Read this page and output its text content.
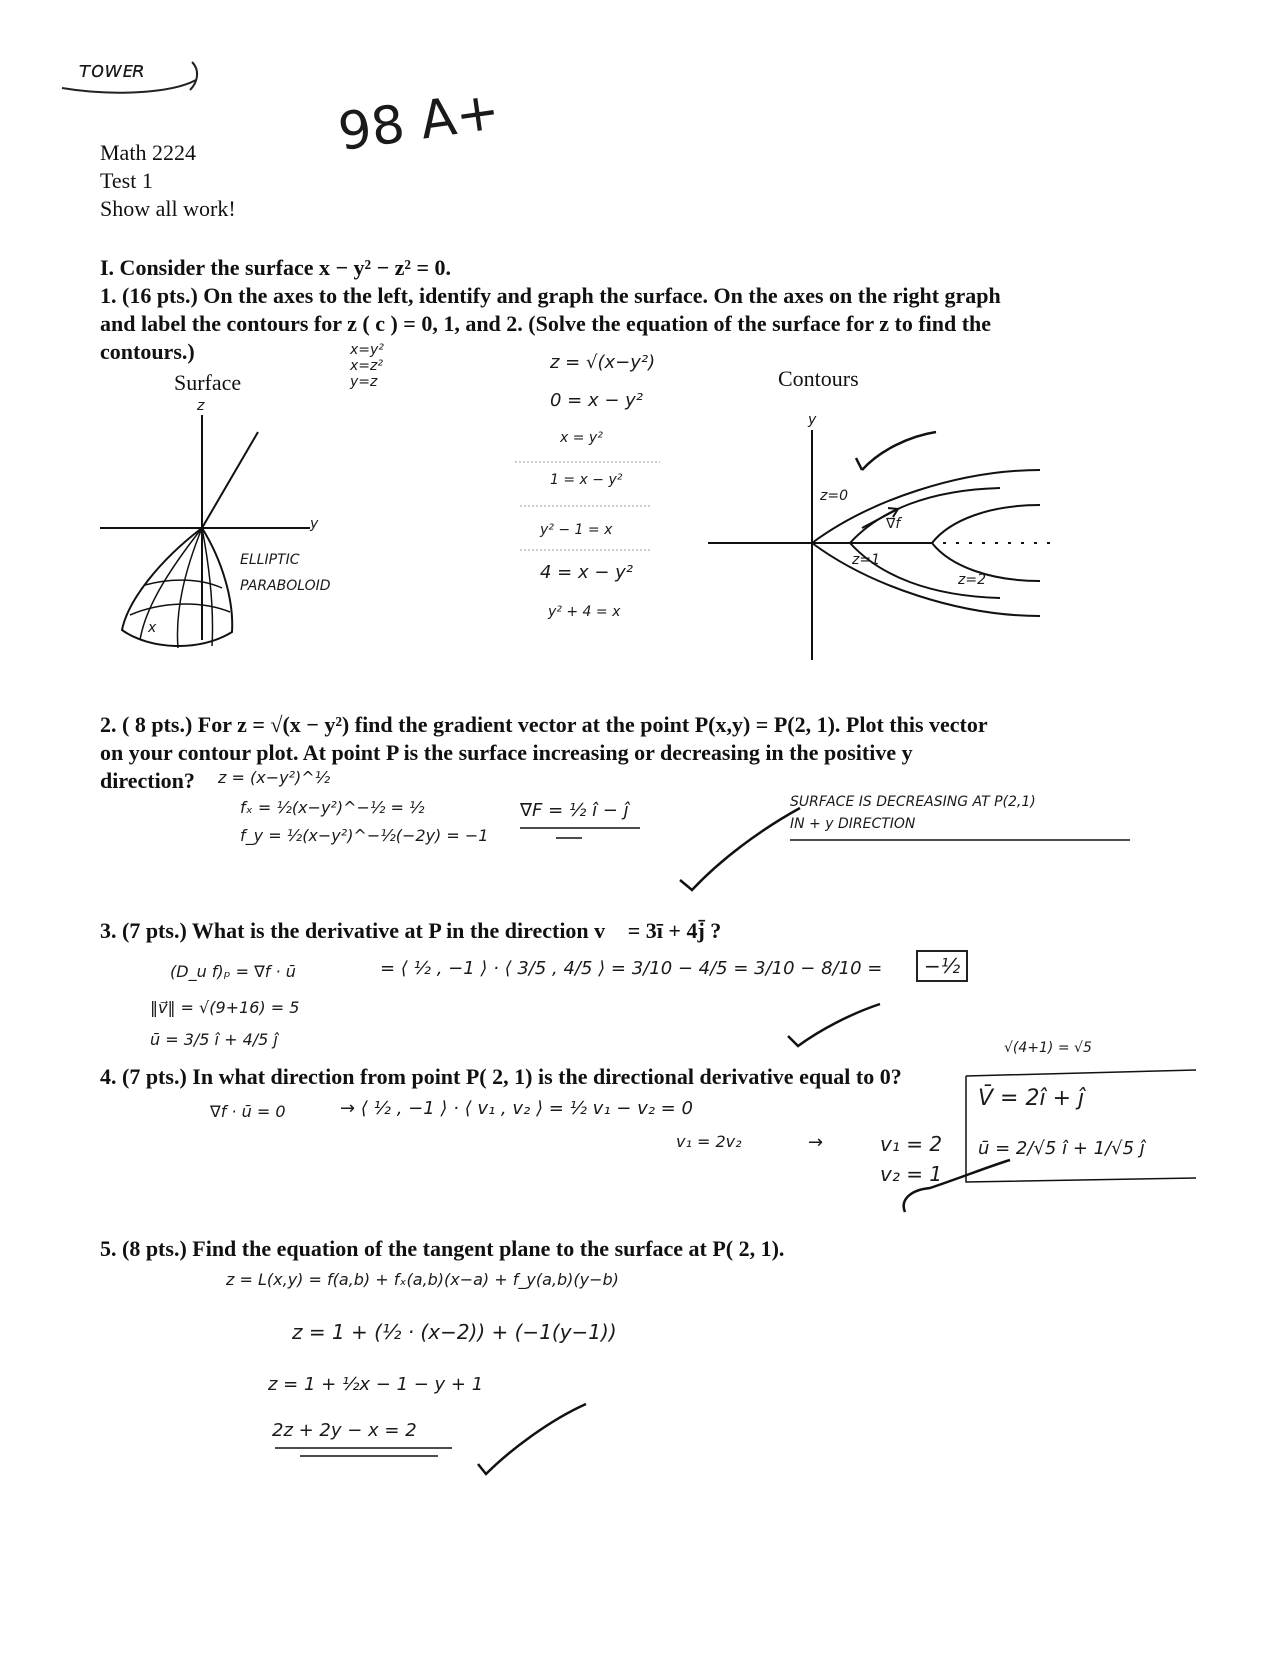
ᴛᴏᴡᴇʀ
98 A+
Math 2224
Test 1
Show all work!
I. Consider the surface x − y² − z² = 0.
1. (16 pts.) On the axes to the left, identify and graph the surface. On the axes on the right graph
and label the contours for z ( c ) = 0, 1, and 2. (Solve the equation of the surface for z to find the
contours.)
Surface	Contours
x=y²
x=z²
y=z
z
y
x
ELLIPTIC
PARABOLOID
z = √(x−y²)
0 = x − y²
x = y²
1 = x − y²
y² − 1 = x
4 = x − y²
y² + 4 = x
y
z=0
z=1
z=2
∇f
2. ( 8 pts.) For z = √(x − y²) find the gradient vector at the point P(x,y) = P(2, 1). Plot this vector
on your contour plot. At point P is the surface increasing or decreasing in the positive y
direction? z = (x−y²)^½
fₓ = ½(x−y²)^−½ = ½
f_y = ½(x−y²)^−½(−2y) = −1
∇F = ½ î − ĵ	SURFACE IS DECREASING AT P(2,1)
IN + y DIRECTION
3. (7 pts.) What is the derivative at P in the direction v⃗ = 3ī + 4j̄ ?
(D_u f)ₚ = ∇f · ū	= ⟨ ½ , −1 ⟩ · ⟨ 3/5 , 4/5 ⟩ = 3/10 − 4/5 = 3/10 − 8/10 =	−½
‖v⃗‖ = √(9+16) = 5
ū = 3/5 î + 4/5 ĵ	√(4+1) = √5
4. (7 pts.) In what direction from point P( 2, 1) is the directional derivative equal to 0?
∇f · ū = 0	→ ⟨ ½ , −1 ⟩ · ⟨ v₁ , v₂ ⟩ = ½ v₁ − v₂ = 0
v₁ = 2v₂	→	v₁ = 2
v₂ = 1
V̄ = 2î + ĵ
ū = 2/√5 î + 1/√5 ĵ
5. (8 pts.) Find the equation of the tangent plane to the surface at P( 2, 1).
z = L(x,y) = f(a,b) + fₓ(a,b)(x−a) + f_y(a,b)(y−b)
z = 1 + (½ · (x−2)) + (−1(y−1))
z = 1 + ½x − 1 − y + 1
2z + 2y − x = 2
